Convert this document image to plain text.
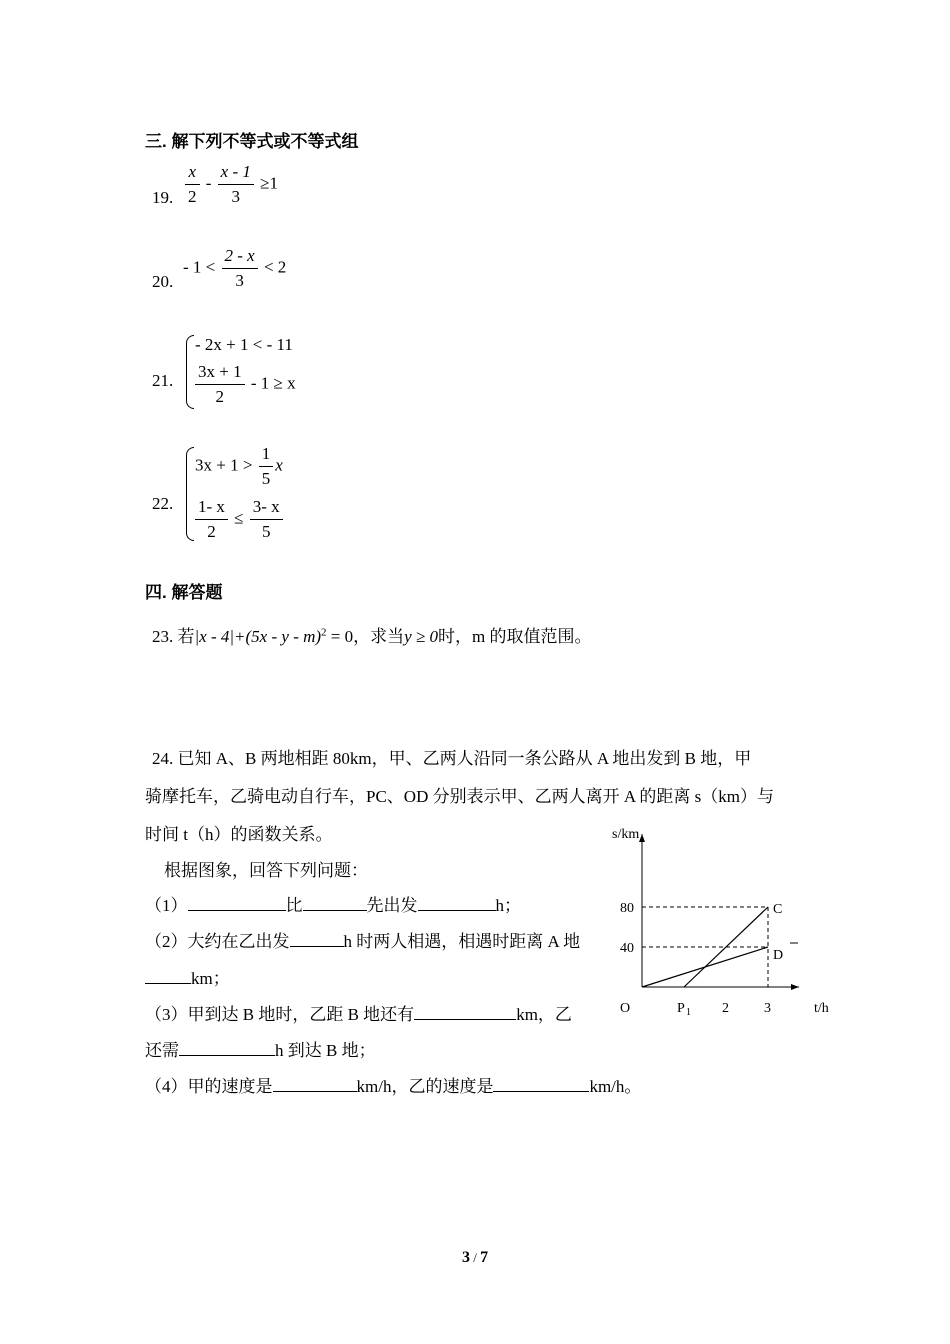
三. 解下列不等式或不等式组
19. $\frac{x}{2} - \frac{x - 1}{3} \ge 1$
20.
- $1 < \frac{2 - x}{3} < 2$
21.
- 2x + 1 < - 11
$\frac{3x + 1}{2} - 1 \ge x$
22.
$3x + 1 > \frac{1}{5}$ x
$\frac{1- x}{2} \le \frac{3- x}{5}$
四. 解答题
23. 若|x - 4|+(5x - y - m)$^2$ = 0，求当y ≥ 0时，m 的取值范围。
24. 已知 A、B 两地相距 80km，甲、乙两人沿同一条公路从 A 地出发到 B 地，甲
骑摩托车，乙骑电动自行车，PC、OD 分别表示甲、乙两人离开 A 的距离 s（km）与
时间 t（h）的函数关系。
根据图象，回答下列问题：
（1）	比	先出发	h；
（2）大约在乙出发	h 时两人相遇，相遇时距离 A 地
km；
（3）甲到达 B 地时，乙距 B 地还有	km，乙
还需	h 到达 B 地；
（4）甲的速度是	km/h，乙的速度是	km/h。
s/km
t/h
O
80
40
P 1 2	3
C
D
3 / 7
